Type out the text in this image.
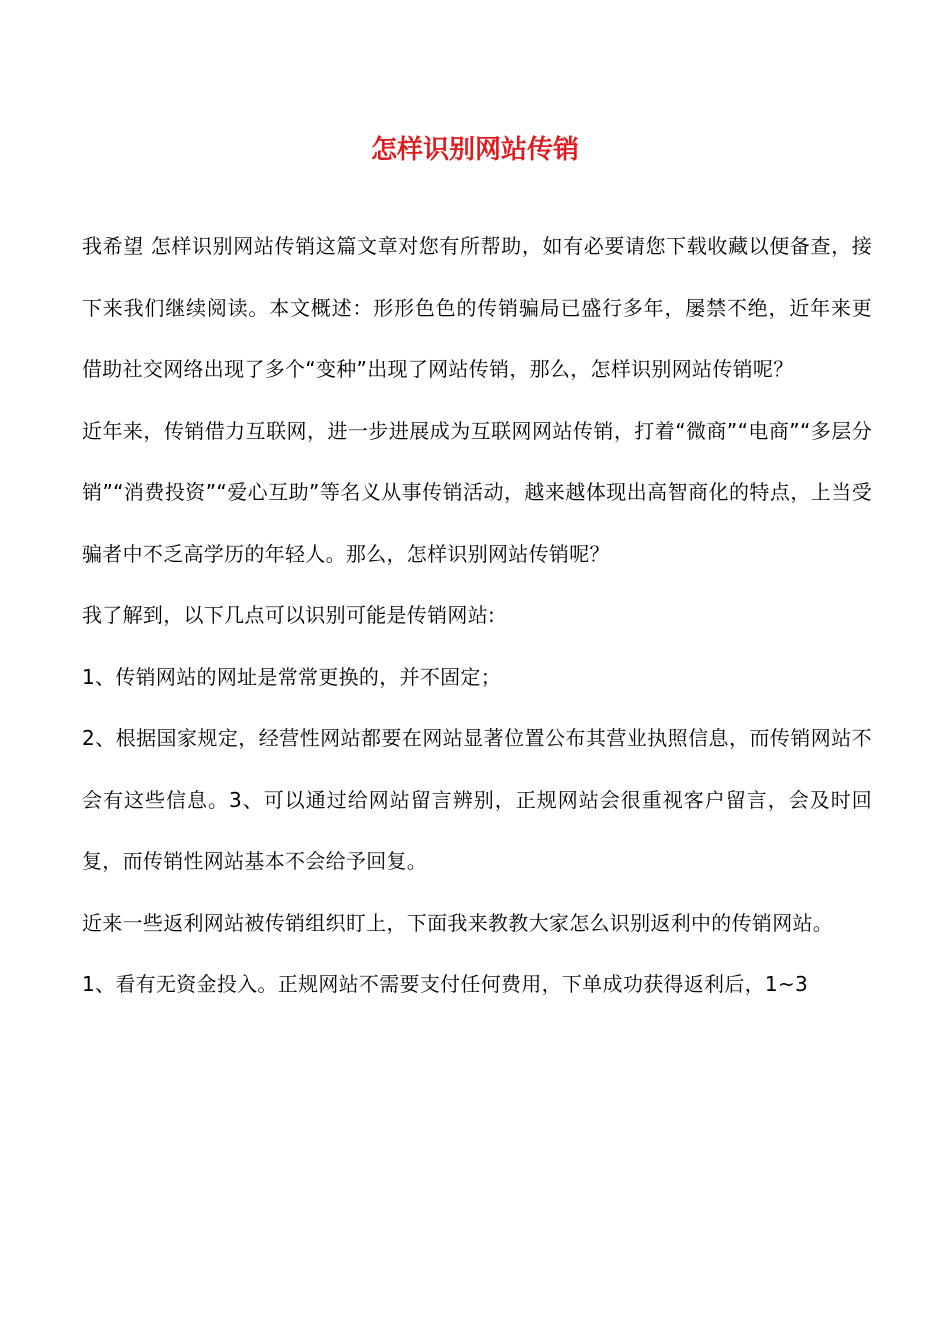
怎样识别网站传销

我希望 怎样识别网站传销这篇文章对您有所帮助，如有必要请您下载收藏以便备查，接下来我们继续阅读。本文概述：形形色色的传销骗局已盛行多年，屡禁不绝，近年来更借助社交网络出现了多个“变种”出现了网站传销，那么，怎样识别网站传销呢？

近年来，传销借力互联网，进一步进展成为互联网网站传销，打着“微商”“电商”“多层分销”“消费投资”“爱心互助”等名义从事传销活动，越来越体现出高智商化的特点，上当受骗者中不乏高学历的年轻人。那么，怎样识别网站传销呢？

我了解到，以下几点可以识别可能是传销网站:

1、传销网站的网址是常常更换的，并不固定；

2、根据国家规定，经营性网站都要在网站显著位置公布其营业执照信息，而传销网站不会有这些信息。3、可以通过给网站留言辨别，正规网站会很重视客户留言，会及时回复，而传销性网站基本不会给予回复。

近来一些返利网站被传销组织盯上，下面我来教教大家怎么识别返利中的传销网站。

1、看有无资金投入。正规网站不需要支付任何费用，下单成功获得返利后，1~3
